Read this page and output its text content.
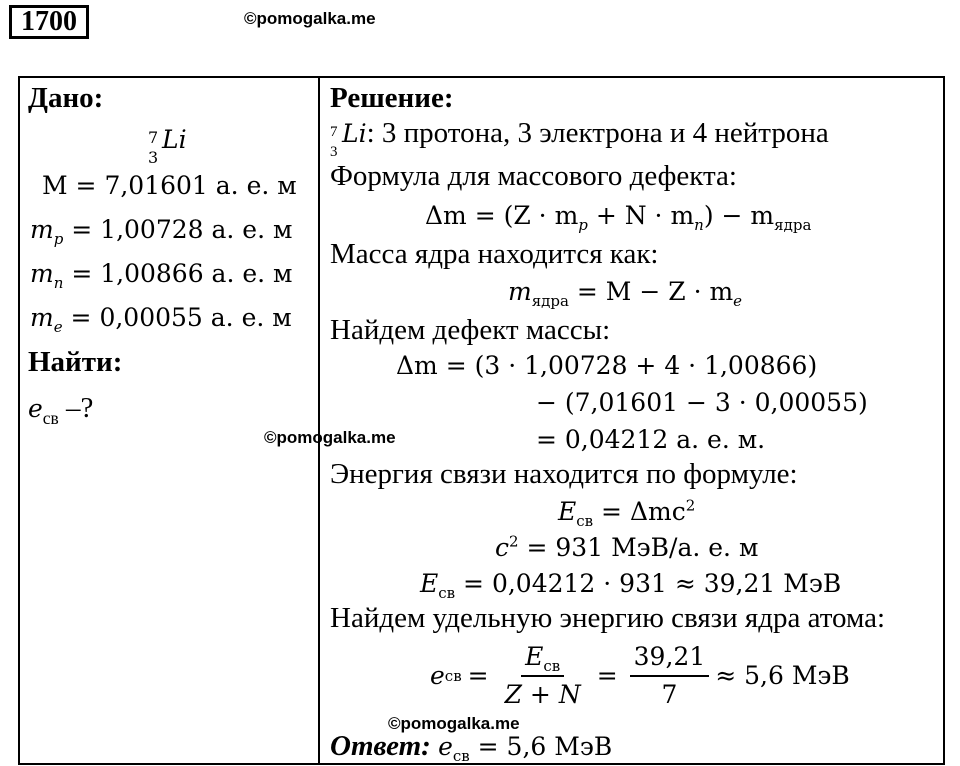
1700	©pomogalka.me
Дано:
7
3
Li
M = 7,01601 а. е. м
$m_p = 1,00728$ а. е. м
$m_n = 1,00866$ а. е. м
$m_e = 0,00055$ а. е. м
Найти:
$e_{св}$ –?
©pomogalka.me
Решение:
7
3
Li: 3 протона, 3 электрона и 4 нейтрона
Формула для массового дефекта:
$\Delta m = (Z \cdot m_p + N \cdot m_n) - m_{ядра}$
Масса ядра находится как:
$m_{ядра} = M - Z \cdot m_e$
Найдем дефект массы:
Δm = (3 · 1,00728 + 4 · 1,00866)
− (7,01601 − 3 · 0,00055)
= 0,04212 а. е. м.
Энергия связи находится по формуле:
$E_{св} = \Delta mc^2$
$c^2 = 931$ МэВ/а. е. м
$E_{св} = 0,04212 \cdot 931 \approx 39,21$ МэВ
Найдем удельную энергию связи ядра атома:
e св = $\frac{E_{св}}{Z + N} = \frac{39,21}{7} \approx 5,6$ МэВ
©pomogalka.me
Ответ: $e_{св} = 5,6$ МэВ
